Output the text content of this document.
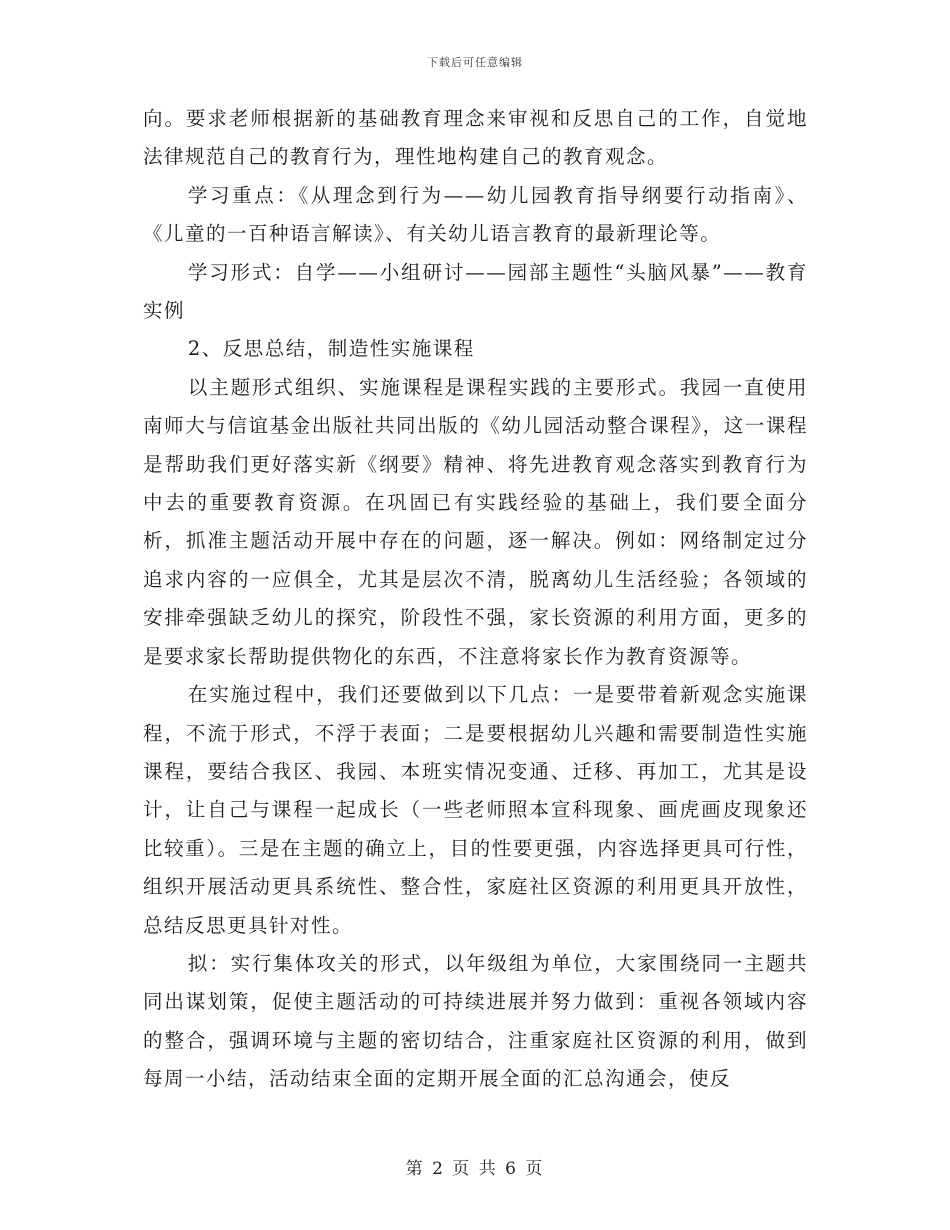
下载后可任意编辑

向。要求老师根据新的基础教育理念来审视和反思自己的工作，自觉地法律规范自己的教育行为，理性地构建自己的教育观念。

学习重点：《从理念到行为——幼儿园教育指导纲要行动指南》、《儿童的一百种语言解读》、有关幼儿语言教育的最新理论等。

学习形式：自学——小组研讨——园部主题性“头脑风暴”——教育实例

2、反思总结，制造性实施课程

以主题形式组织、实施课程是课程实践的主要形式。我园一直使用南师大与信谊基金出版社共同出版的《幼儿园活动整合课程》，这一课程是帮助我们更好落实新《纲要》精神、将先进教育观念落实到教育行为中去的重要教育资源。在巩固已有实践经验的基础上，我们要全面分析，抓准主题活动开展中存在的问题，逐一解决。例如：网络制定过分追求内容的一应俱全，尤其是层次不清，脱离幼儿生活经验；各领域的安排牵强缺乏幼儿的探究，阶段性不强，家长资源的利用方面，更多的是要求家长帮助提供物化的东西，不注意将家长作为教育资源等。

在实施过程中，我们还要做到以下几点：一是要带着新观念实施课程，不流于形式，不浮于表面；二是要根据幼儿兴趣和需要制造性实施课程，要结合我区、我园、本班实情况变通、迁移、再加工，尤其是设计，让自己与课程一起成长（一些老师照本宣科现象、画虎画皮现象还比较重）。三是在主题的确立上，目的性要更强，内容选择更具可行性，组织开展活动更具系统性、整合性，家庭社区资源的利用更具开放性，总结反思更具针对性。

拟：实行集体攻关的形式，以年级组为单位，大家围绕同一主题共同出谋划策，促使主题活动的可持续进展并努力做到：重视各领域内容的整合，强调环境与主题的密切结合，注重家庭社区资源的利用，做到每周一小结，活动结束全面的定期开展全面的汇总沟通会，使反

第 2 页 共 6 页
